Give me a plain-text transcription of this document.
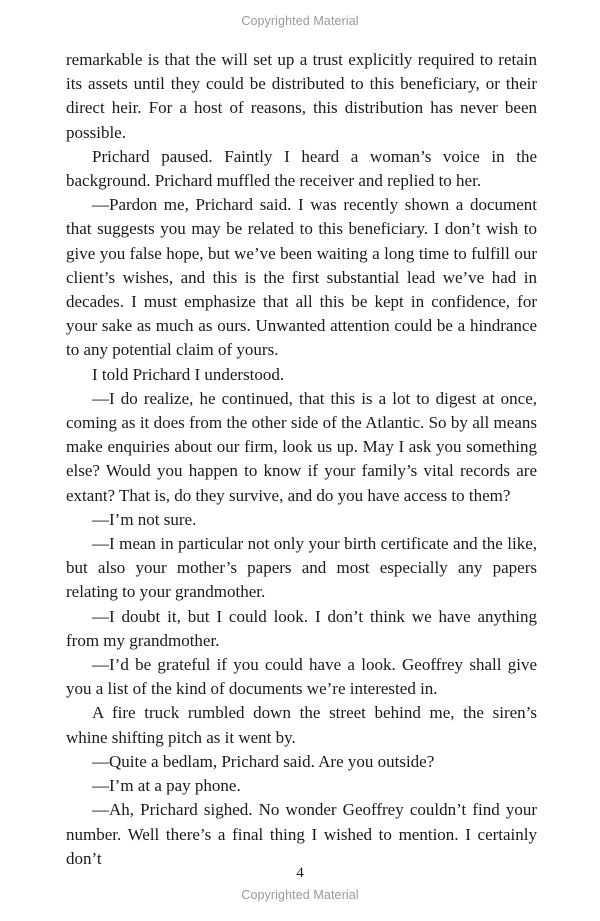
Copyrighted Material

remarkable is that the will set up a trust explicitly required to retain its assets until they could be distributed to this beneficiary, or their direct heir. For a host of reasons, this distribution has never been possible.

Prichard paused. Faintly I heard a woman’s voice in the background. Prichard muffled the receiver and replied to her.

—Pardon me, Prichard said. I was recently shown a document that suggests you may be related to this beneficiary. I don’t wish to give you false hope, but we’ve been waiting a long time to fulfill our client’s wishes, and this is the first substantial lead we’ve had in decades. I must emphasize that all this be kept in confidence, for your sake as much as ours. Unwanted attention could be a hindrance to any potential claim of yours.

I told Prichard I understood.

—I do realize, he continued, that this is a lot to digest at once, coming as it does from the other side of the Atlantic. So by all means make enquiries about our firm, look us up. May I ask you something else? Would you happen to know if your family’s vital records are extant? That is, do they survive, and do you have access to them?

—I’m not sure.

—I mean in particular not only your birth certificate and the like, but also your mother’s papers and most especially any papers relating to your grandmother.

—I doubt it, but I could look. I don’t think we have anything from my grandmother.

—I’d be grateful if you could have a look. Geoffrey shall give you a list of the kind of documents we’re interested in.

A fire truck rumbled down the street behind me, the siren’s whine shifting pitch as it went by.

—Quite a bedlam, Prichard said. Are you outside?

—I’m at a pay phone.

—Ah, Prichard sighed. No wonder Geoffrey couldn’t find your number. Well there’s a final thing I wished to mention. I certainly don’t

4
Copyrighted Material
